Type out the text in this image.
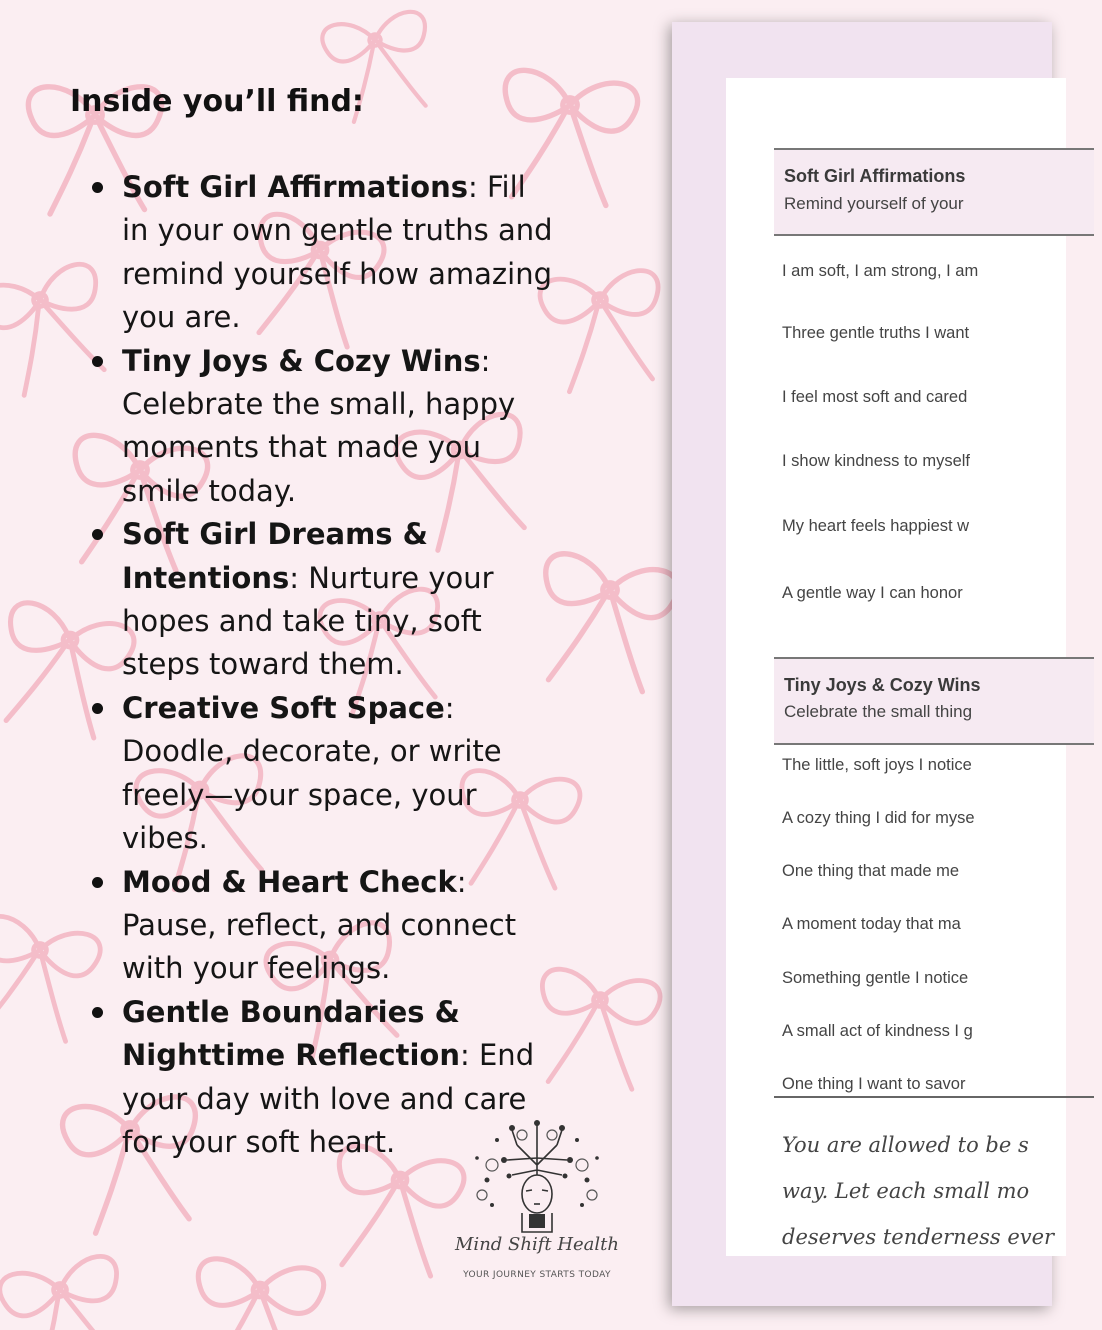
Inside you’ll find:
Soft Girl Affirmations: Fill in your own gentle truths and remind yourself how amazing you are.
Tiny Joys & Cozy Wins: Celebrate the small, happy moments that made you smile today.
Soft Girl Dreams & Intentions: Nurture your hopes and take tiny, soft steps toward them.
Creative Soft Space: Doodle, decorate, or write freely—your space, your vibes.
Mood & Heart Check: Pause, reflect, and connect with your feelings.
Gentle Boundaries & Nighttime Reflection: End your day with love and care for your soft heart.
Mind Shift Health
YOUR JOURNEY STARTS TODAY
Soft Girl Affirmations
Remind yourself of your
I am soft, I am strong, I am
Three gentle truths I want
I feel most soft and cared
I show kindness to myself
My heart feels happiest w
A gentle way I can honor
Tiny Joys & Cozy Wins
Celebrate the small thing
The little, soft joys I notice
A cozy thing I did for myse
One thing that made me
A moment today that ma
Something gentle I notice
A small act of kindness I g
One thing I want to savor
You are allowed to be s
way. Let each small mo
deserves tenderness ever
